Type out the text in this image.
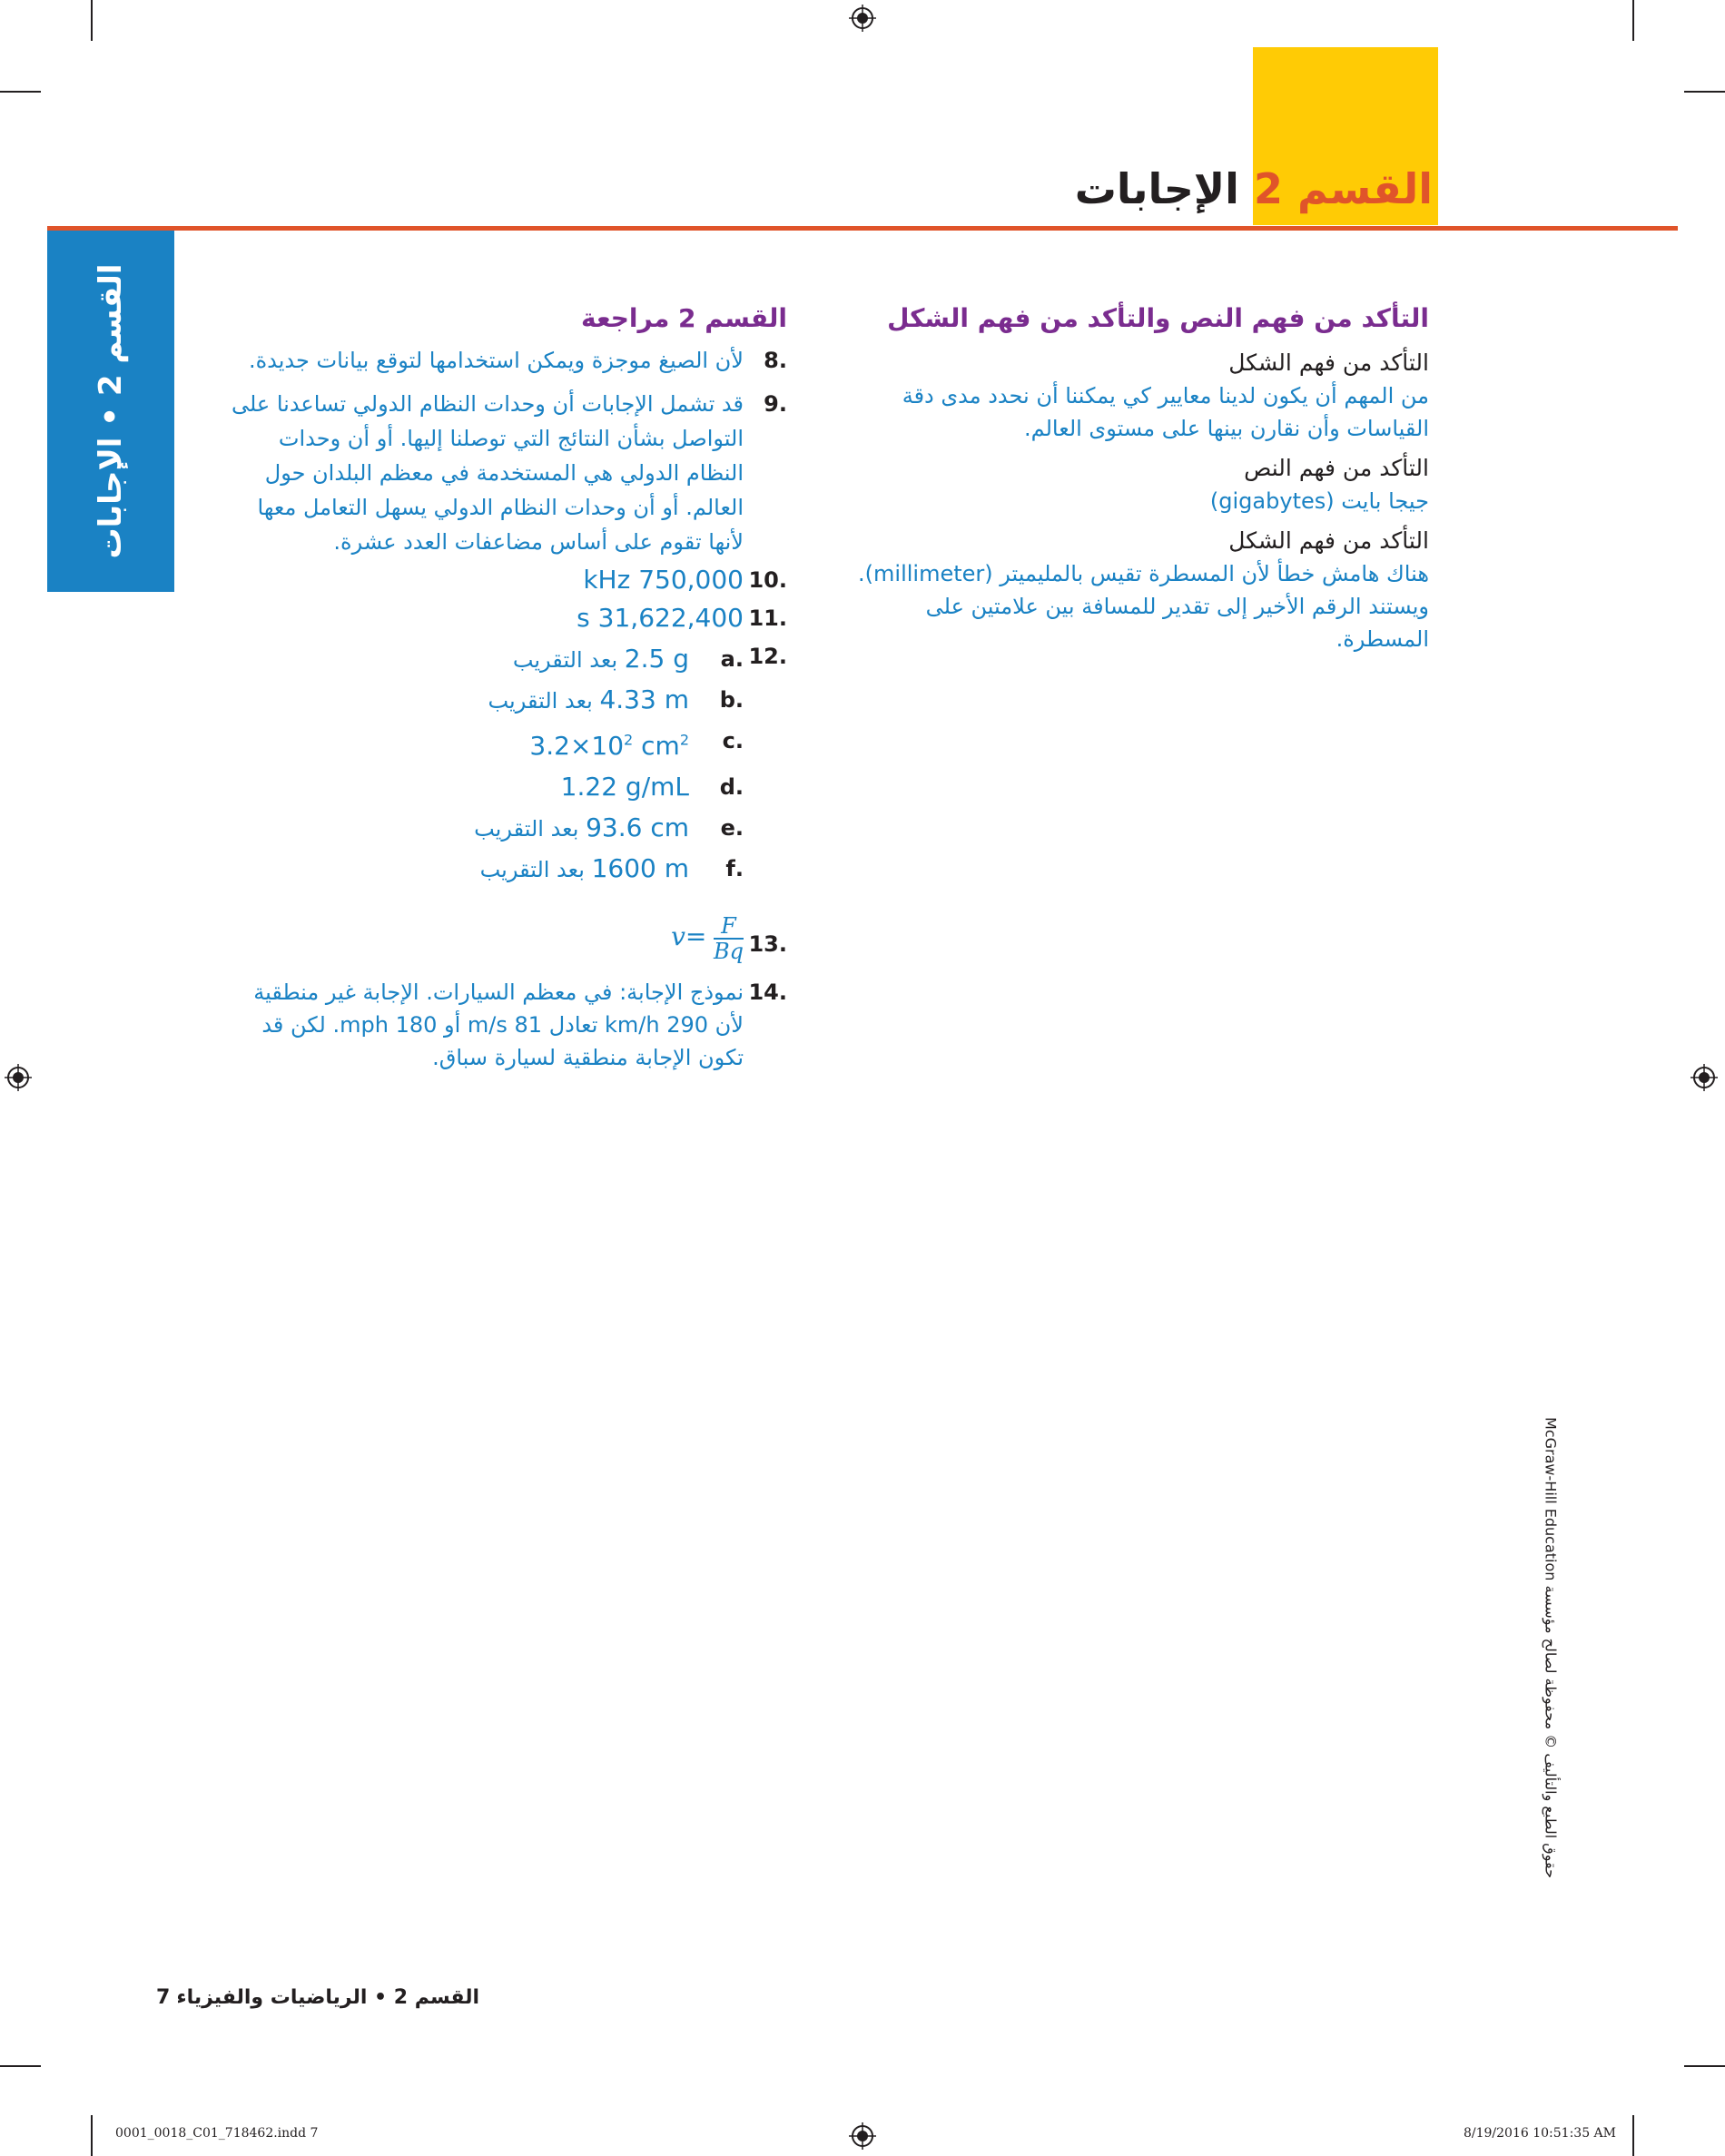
القسم 2 الإجابات
القسم 2 • الإجابات	التأكد من فهم النص والتأكد من فهم الشكل
التأكد من فهم الشكل
من المهم أن يكون لدينا معايير كي يمكننا أن نحدد مدى دقة القياسات وأن نقارن بينها على مستوى العالم.
التأكد من فهم النص
جيجا بايت (gigabytes)
التأكد من فهم الشكل
هناك هامش خطأ لأن المسطرة تقيس بالمليميتر (millimeter). ويستند الرقم الأخير إلى تقدير للمسافة بين علامتين على المسطرة.
القسم 2 مراجعة
.8
لأن الصيغ موجزة ويمكن استخدامها لتوقع بيانات جديدة.
.9
قد تشمل الإجابات أن وحدات النظام الدولي تساعدنا على التواصل بشأن النتائج التي توصلنا إليها. أو أن وحدات النظام الدولي هي المستخدمة في معظم البلدان حول العالم. أو أن وحدات النظام الدولي يسهل التعامل معها لأنها تقوم على أساس مضاعفات العدد عشرة.
.10
750,000 kHz
.11
31,622,400 s
.12
.a
2.5 g بعد التقريب
.b
4.33 m بعد التقريب
.c
$3.2\times 10^2$ $cm^2$
.d
1.22 g/mL
.e
93.6 cm بعد التقريب
.f
1600 m بعد التقريب
.13
$v= \frac{F}{Bq}$
.14
نموذج الإجابة: في معظم السيارات. الإجابة غير منطقية لأن 290 km/h تعادل 81 m/s أو 180 mph. لكن قد تكون الإجابة منطقية لسيارة سباق.
القسم 2 • الرياضيات والفيزياء 7
حقوق الطبع والتأليف © محفوظة لصالح مؤسسة McGraw-Hill Education
0001_0018_C01_718462.indd 7	8/19/2016 10:51:35 AM
